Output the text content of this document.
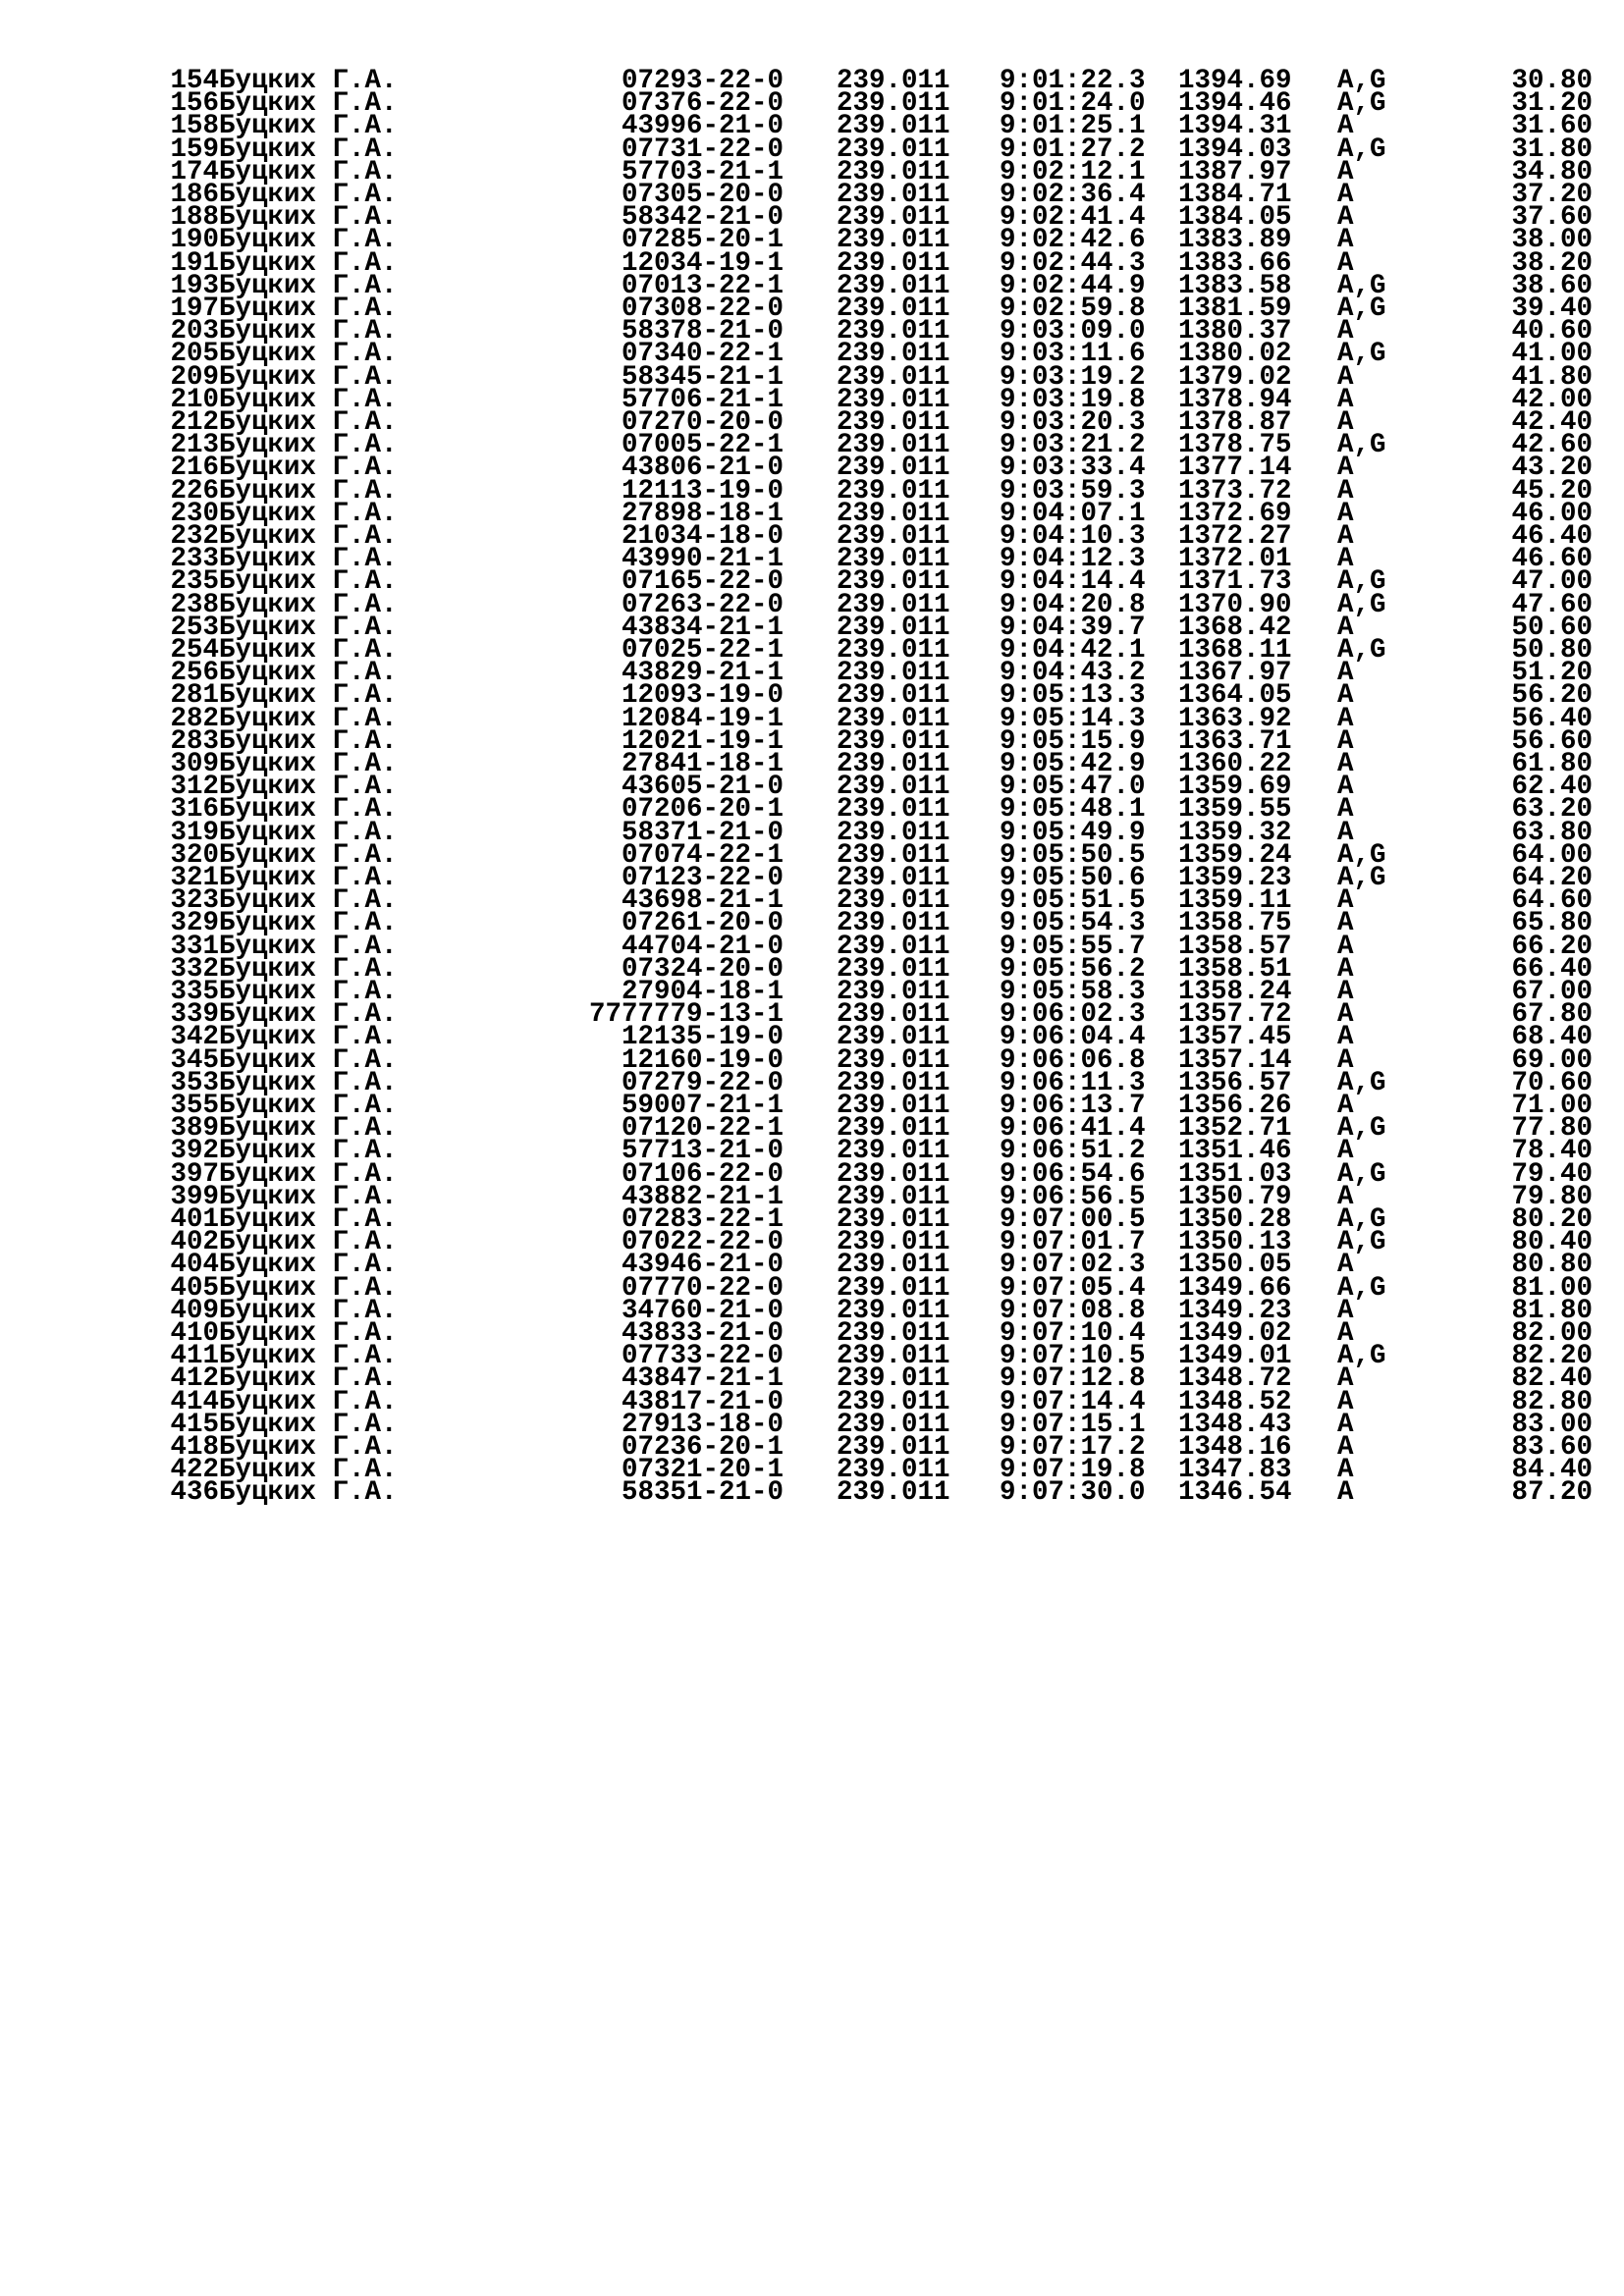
154 Буцких Г.А.	07293-22-0 239.011 9:01:22.3 1394.69 A,G	30.80
156 Буцких Г.А.	07376-22-0 239.011 9:01:24.0 1394.46 A,G	31.20
158 Буцких Г.А.	43996-21-0 239.011 9:01:25.1 1394.31 A	31.60
159 Буцких Г.А.	07731-22-0 239.011 9:01:27.2 1394.03 A,G	31.80
174 Буцких Г.А.	57703-21-1 239.011 9:02:12.1 1387.97 A	34.80
186 Буцких Г.А.	07305-20-0 239.011 9:02:36.4 1384.71 A	37.20
188 Буцких Г.А.	58342-21-0 239.011 9:02:41.4 1384.05 A	37.60
190 Буцких Г.А.	07285-20-1 239.011 9:02:42.6 1383.89 A	38.00
191 Буцких Г.А.	12034-19-1 239.011 9:02:44.3 1383.66 A	38.20
193 Буцких Г.А.	07013-22-1 239.011 9:02:44.9 1383.58 A,G	38.60
197 Буцких Г.А.	07308-22-0 239.011 9:02:59.8 1381.59 A,G	39.40
203 Буцких Г.А.	58378-21-0 239.011 9:03:09.0 1380.37 A	40.60
205 Буцких Г.А.	07340-22-1 239.011 9:03:11.6 1380.02 A,G	41.00
209 Буцких Г.А.	58345-21-1 239.011 9:03:19.2 1379.02 A	41.80
210 Буцких Г.А.	57706-21-1 239.011 9:03:19.8 1378.94 A	42.00
212 Буцких Г.А.	07270-20-0 239.011 9:03:20.3 1378.87 A	42.40
213 Буцких Г.А.	07005-22-1 239.011 9:03:21.2 1378.75 A,G	42.60
216 Буцких Г.А.	43806-21-0 239.011 9:03:33.4 1377.14 A	43.20
226 Буцких Г.А.	12113-19-0 239.011 9:03:59.3 1373.72 A	45.20
230 Буцких Г.А.	27898-18-1 239.011 9:04:07.1 1372.69 A	46.00
232 Буцких Г.А.	21034-18-0 239.011 9:04:10.3 1372.27 A	46.40
233 Буцких Г.А.	43990-21-1 239.011 9:04:12.3 1372.01 A	46.60
235 Буцких Г.А.	07165-22-0 239.011 9:04:14.4 1371.73 A,G	47.00
238 Буцких Г.А.	07263-22-0 239.011 9:04:20.8 1370.90 A,G	47.60
253 Буцких Г.А.	43834-21-1 239.011 9:04:39.7 1368.42 A	50.60
254 Буцких Г.А.	07025-22-1 239.011 9:04:42.1 1368.11 A,G	50.80
256 Буцких Г.А.	43829-21-1 239.011 9:04:43.2 1367.97 A	51.20
281 Буцких Г.А.	12093-19-0 239.011 9:05:13.3 1364.05 A	56.20
282 Буцких Г.А.	12084-19-1 239.011 9:05:14.3 1363.92 A	56.40
283 Буцких Г.А.	12021-19-1 239.011 9:05:15.9 1363.71 A	56.60
309 Буцких Г.А.	27841-18-1 239.011 9:05:42.9 1360.22 A	61.80
312 Буцких Г.А.	43605-21-0 239.011 9:05:47.0 1359.69 A	62.40
316 Буцких Г.А.	07206-20-1 239.011 9:05:48.1 1359.55 A	63.20
319 Буцких Г.А.	58371-21-0 239.011 9:05:49.9 1359.32 A	63.80
320 Буцких Г.А.	07074-22-1 239.011 9:05:50.5 1359.24 A,G	64.00
321 Буцких Г.А.	07123-22-0 239.011 9:05:50.6 1359.23 A,G	64.20
323 Буцких Г.А.	43698-21-1 239.011 9:05:51.5 1359.11 A	64.60
329 Буцких Г.А.	07261-20-0 239.011 9:05:54.3 1358.75 A	65.80
331 Буцких Г.А.	44704-21-0 239.011 9:05:55.7 1358.57 A	66.20
332 Буцких Г.А.	07324-20-0 239.011 9:05:56.2 1358.51 A	66.40
335 Буцких Г.А.	27904-18-1 239.011 9:05:58.3 1358.24 A	67.00
339 Буцких Г.А.	7777779-13-1 239.011 9:06:02.3 1357.72 A	67.80
342 Буцких Г.А.	12135-19-0 239.011 9:06:04.4 1357.45 A	68.40
345 Буцких Г.А.	12160-19-0 239.011 9:06:06.8 1357.14 A	69.00
353 Буцких Г.А.	07279-22-0 239.011 9:06:11.3 1356.57 A,G	70.60
355 Буцких Г.А.	59007-21-1 239.011 9:06:13.7 1356.26 A	71.00
389 Буцких Г.А.	07120-22-1 239.011 9:06:41.4 1352.71 A,G	77.80
392 Буцких Г.А.	57713-21-0 239.011 9:06:51.2 1351.46 A	78.40
397 Буцких Г.А.	07106-22-0 239.011 9:06:54.6 1351.03 A,G	79.40
399 Буцких Г.А.	43882-21-1 239.011 9:06:56.5 1350.79 A	79.80
401 Буцких Г.А.	07283-22-1 239.011 9:07:00.5 1350.28 A,G	80.20
402 Буцких Г.А.	07022-22-0 239.011 9:07:01.7 1350.13 A,G	80.40
404 Буцких Г.А.	43946-21-0 239.011 9:07:02.3 1350.05 A	80.80
405 Буцких Г.А.	07770-22-0 239.011 9:07:05.4 1349.66 A,G	81.00
409 Буцких Г.А.	34760-21-0 239.011 9:07:08.8 1349.23 A	81.80
410 Буцких Г.А.	43833-21-0 239.011 9:07:10.4 1349.02 A	82.00
411 Буцких Г.А.	07733-22-0 239.011 9:07:10.5 1349.01 A,G	82.20
412 Буцких Г.А.	43847-21-1 239.011 9:07:12.8 1348.72 A	82.40
414 Буцких Г.А.	43817-21-0 239.011 9:07:14.4 1348.52 A	82.80
415 Буцких Г.А.	27913-18-0 239.011 9:07:15.1 1348.43 A	83.00
418 Буцких Г.А.	07236-20-1 239.011 9:07:17.2 1348.16 A	83.60
422 Буцких Г.А.	07321-20-1 239.011 9:07:19.8 1347.83 A	84.40
436 Буцких Г.А.	58351-21-0 239.011 9:07:30.0 1346.54 A	87.20
